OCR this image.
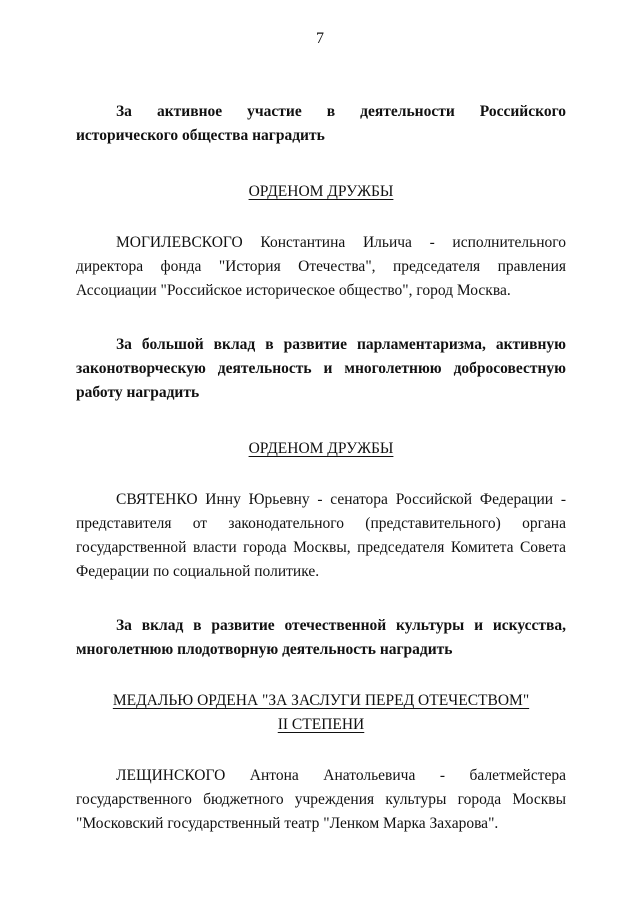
7
За активное участие в деятельности Российского
исторического общества наградить
ОРДЕНОМ ДРУЖБЫ
МОГИЛЕВСКОГО Константина Ильича - исполнительного директора фонда "История Отечества", председателя правления Ассоциации "Российское историческое общество", город Москва.
За большой вклад в развитие парламентаризма, активную законотворческую деятельность и многолетнюю добросовестную работу наградить
ОРДЕНОМ ДРУЖБЫ
СВЯТЕНКО Инну Юрьевну - сенатора Российской Федерации - представителя от законодательного (представительного) органа государственной власти города Москвы, председателя Комитета Совета Федерации по социальной политике.
За вклад в развитие отечественной культуры и искусства, многолетнюю плодотворную деятельность наградить
МЕДАЛЬЮ ОРДЕНА "ЗА ЗАСЛУГИ ПЕРЕД ОТЕЧЕСТВОМ"
II СТЕПЕНИ
ЛЕЩИНСКОГО Антона Анатольевича - балетмейстера государственного бюджетного учреждения культуры города Москвы "Московский государственный театр "Ленком Марка Захарова".
